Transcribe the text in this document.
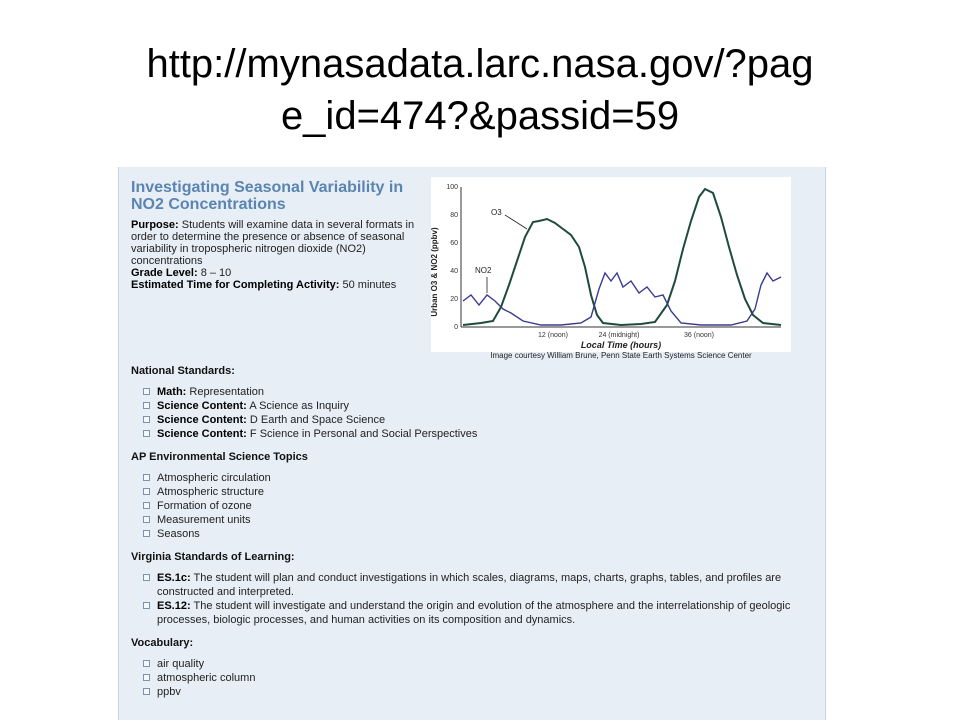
http://mynasadata.larc.nasa.gov/?pag
e_id=474?&passid=59
Investigating Seasonal Variability in NO2 Concentrations

Purpose: Students will examine data in several formats in order to determine the presence or absence of seasonal variability in tropospheric nitrogen dioxide (NO2) concentrations

Grade Level: 8 – 10

Estimated Time for Completing Activity: 50 minutes	Urban O3 & NO2 (ppbv)
100
80
60
40
20
0
12 (noon)	24 (midnight)	36 (noon)
Local Time (hours)
O3
NO2
Image courtesy William Brune, Penn State Earth Systems Science Center
National Standards:
Math: Representation
Science Content: A Science as Inquiry
Science Content: D Earth and Space Science
Science Content: F Science in Personal and Social Perspectives
AP Environmental Science Topics
Atmospheric circulation
Atmospheric structure
Formation of ozone
Measurement units
Seasons
Virginia Standards of Learning:
ES.1c: The student will plan and conduct investigations in which scales, diagrams, maps, charts, graphs, tables, and profiles are constructed and interpreted.
ES.12: The student will investigate and understand the origin and evolution of the atmosphere and the interrelationship of geologic processes, biologic processes, and human activities on its composition and dynamics.
Vocabulary:
air quality
atmospheric column
ppbv
